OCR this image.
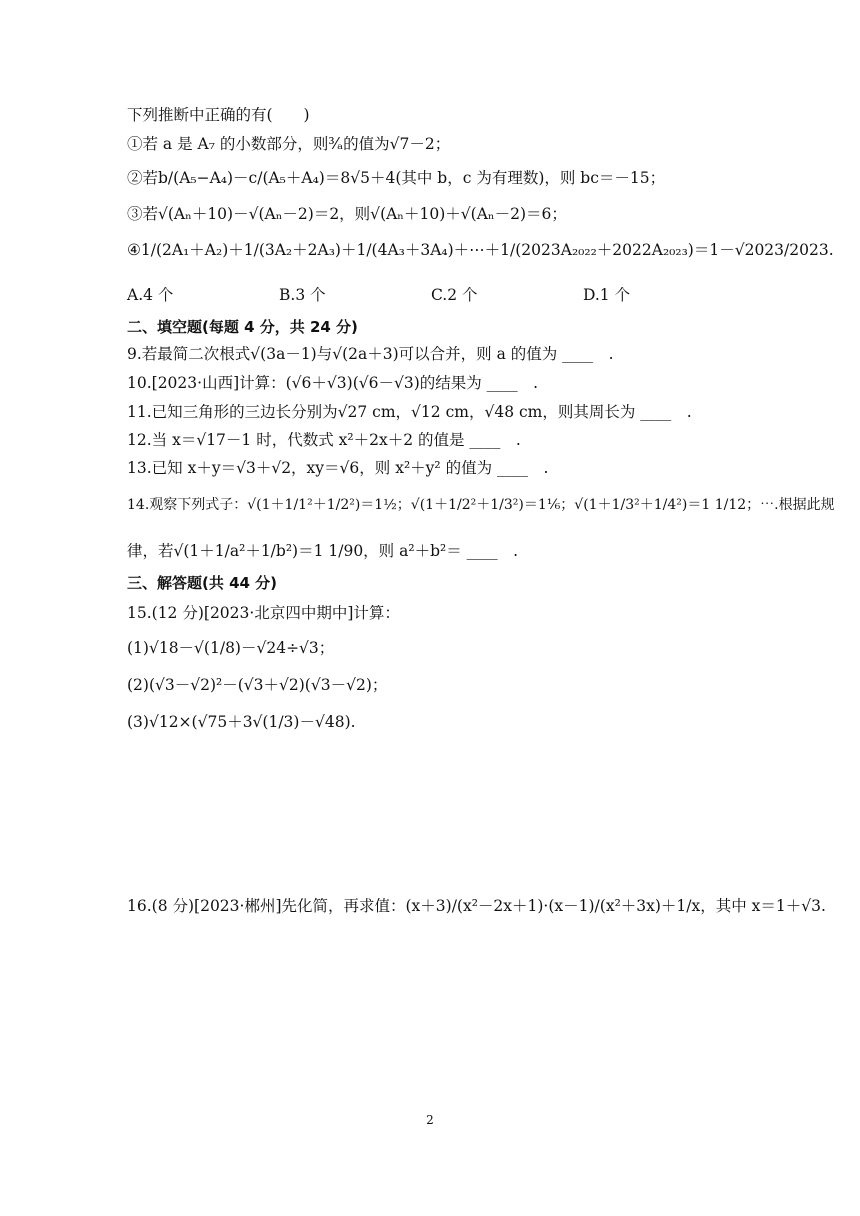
下列推断中正确的有(　　)
①若 a 是 A₇ 的小数部分，则³⁄ₐ的值为√7－2；
②若b/(A₅−A₄)－c/(A₅＋A₄)＝8√5＋4(其中 b，c 为有理数)，则 bc＝－15；
③若√(Aₙ＋10)－√(Aₙ－2)＝2，则√(Aₙ＋10)＋√(Aₙ－2)＝6；
④1/(2A₁＋A₂)＋1/(3A₂＋2A₃)＋1/(4A₃＋3A₄)＋⋯＋1/(2023A₂₀₂₂＋2022A₂₀₂₃)＝1－√2023/2023.
A.4 个	B.3 个	C.2 个	D.1 个
二、填空题(每题 4 分，共 24 分)
9.若最简二次根式√(3a－1)与√(2a＋3)可以合并，则 a 的值为 ____　.
10.[2023·山西]计算：(√6＋√3)(√6－√3)的结果为 ____　.
11.已知三角形的三边长分别为√27 cm，√12 cm，√48 cm，则其周长为 ____　.
12.当 x＝√17－1 时，代数式 x²＋2x＋2 的值是 ____　.
13.已知 x＋y＝√3＋√2，xy＝√6，则 x²＋y² 的值为 ____　.
14.观察下列式子：√(1＋1/1²＋1/2²)＝1½；√(1＋1/2²＋1/3²)＝1⅙；√(1＋1/3²＋1/4²)＝1 1/12；⋯.根据此规
律，若√(1＋1/a²＋1/b²)＝1 1/90，则 a²＋b²＝ ____　.
三、解答题(共 44 分)
15.(12 分)[2023·北京四中期中]计算：
(1)√18－√(1/8)－√24÷√3；
(2)(√3－√2)²－(√3＋√2)(√3－√2)；
(3)√12×(√75＋3√(1/3)－√48).
16.(8 分)[2023·郴州]先化简，再求值：(x＋3)/(x²－2x＋1)·(x－1)/(x²＋3x)＋1/x，其中 x＝1＋√3.
2
